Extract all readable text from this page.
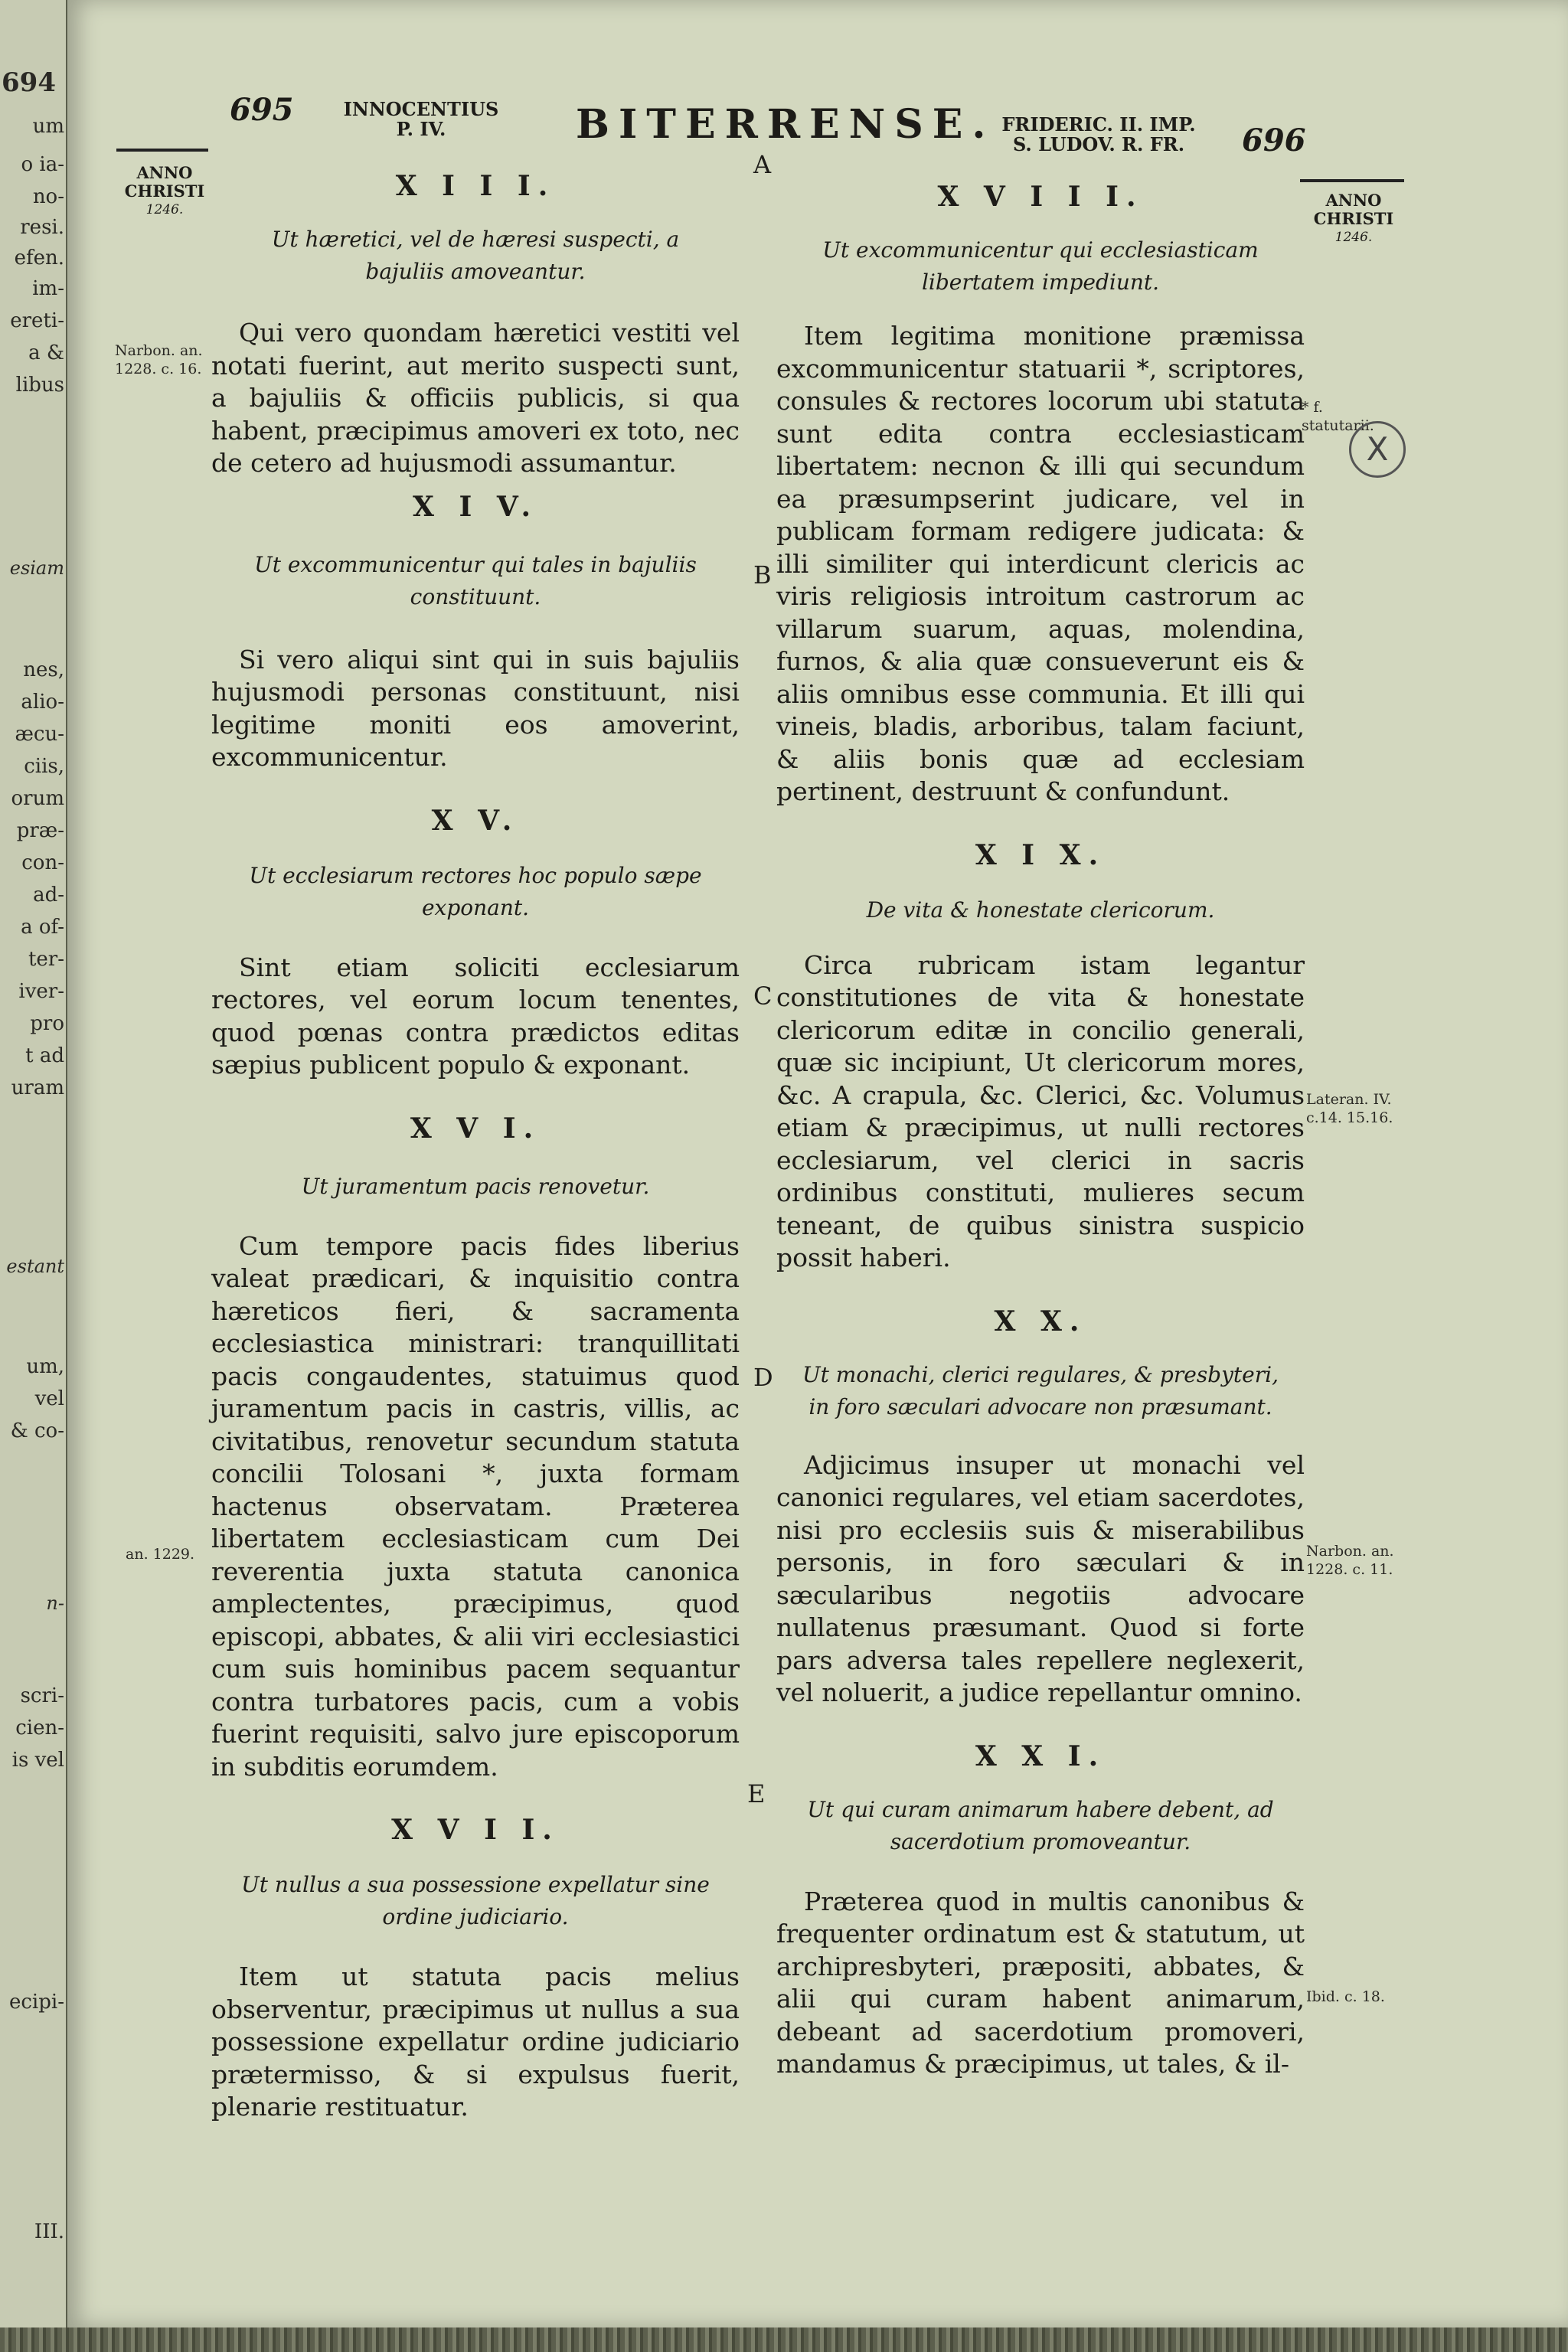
694
um
o ia-
no-
resi.
efen.
im-
ereti-
a &
libus
esiam
nes,
alio-
æcu-
ciis,
orum
præ-
con-
ad-
a of-
ter-
iver-
pro
t ad
uram
estant
um,
vel
& co-
n-
scri-
cien-
is vel
ecipi-
III.
695	INNOCENTIUS
P. IV.	BITERRENSE.
A
FRIDERIC. II. IMP.
S. LUDOV. R. FR.	696
ANNO
CHRISTI
1246.	ANNO
CHRISTI
1246.
B
C
D
E
Narbon. an. 1228. c. 16.
an. 1229.
* f. statutarii.
X
Lateran. IV. c.14. 15.16.
Narbon. an. 1228. c. 11.
Ibid. c. 18.

X I I I.

Ut hæretici, vel de hæresi suspecti, a bajuliis amoveantur.

Qui vero quondam hæretici vestiti vel notati fuerint, aut merito suspecti sunt, a bajuliis & officiis publicis, si qua habent, præcipimus amoveri ex toto, nec de cetero ad hujusmodi assumantur.

X I V.

Ut excommunicentur qui tales in bajuliis constituunt.

Si vero aliqui sint qui in suis bajuliis hujusmodi personas constituunt, nisi legitime moniti eos amoverint, excommunicentur.

X V.

Ut ecclesiarum rectores hoc populo sæpe exponant.

Sint etiam soliciti ecclesiarum rectores, vel eorum locum tenentes, quod pœnas contra prædictos editas sæpius publicent populo & exponant.

X V I.

Ut juramentum pacis renovetur.

Cum tempore pacis fides liberius valeat prædicari, & inquisitio contra hæreticos fieri, & sacramenta ecclesiastica ministrari: tranquillitati pacis congaudentes, statuimus quod juramentum pacis in castris, villis, ac civitatibus, renovetur secundum statuta concilii Tolosani *, juxta formam hactenus observatam. Præterea libertatem ecclesiasticam cum Dei reverentia juxta statuta canonica amplectentes, præcipimus, quod episcopi, abbates, & alii viri ecclesiastici cum suis hominibus pacem sequantur contra turbatores pacis, cum a vobis fuerint requisiti, salvo jure episcoporum in subditis eorumdem.

X V I I.

Ut nullus a sua possessione expellatur sine ordine judiciario.

Item ut statuta pacis melius observentur, præcipimus ut nullus a sua possessione expellatur ordine judiciario prætermisso, & si expulsus fuerit, plenarie restituatur.

X V I I I.

Ut excommunicentur qui ecclesiasticam libertatem impediunt.

Item legitima monitione præmissa excommunicentur statuarii *, scriptores, consules & rectores locorum ubi statuta sunt edita contra ecclesiasticam libertatem: necnon & illi qui secundum ea præsumpserint judicare, vel in publicam formam redigere judicata: & illi similiter qui interdicunt clericis ac viris religiosis introitum castrorum ac villarum suarum, aquas, molendina, furnos, & alia quæ consueverunt eis & aliis omnibus esse communia. Et illi qui vineis, bladis, arboribus, talam faciunt, & aliis bonis quæ ad ecclesiam pertinent, destruunt & confundunt.

X I X.

De vita & honestate clericorum.

Circa rubricam istam legantur constitutiones de vita & honestate clericorum editæ in concilio generali, quæ sic incipiunt, Ut clericorum mores, &c. A crapula, &c. Clerici, &c. Volumus etiam & præcipimus, ut nulli rectores ecclesiarum, vel clerici in sacris ordinibus constituti, mulieres secum teneant, de quibus sinistra suspicio possit haberi.

X X.

Ut monachi, clerici regulares, & presbyteri, in foro sæculari advocare non præsumant.

Adjicimus insuper ut monachi vel canonici regulares, vel etiam sacerdotes, nisi pro ecclesiis suis & miserabilibus personis, in foro sæculari & in sæcularibus negotiis advocare nullatenus præsumant. Quod si forte pars adversa tales repellere neglexerit, vel noluerit, a judice repellantur omnino.

X X I.

Ut qui curam animarum habere debent, ad sacerdotium promoveantur.

Præterea quod in multis canonibus & frequenter ordinatum est & statutum, ut archipresbyteri, præpositi, abbates, & alii qui curam habent animarum, debeant ad sacerdotium promoveri, mandamus & præcipimus, ut tales, & il-
